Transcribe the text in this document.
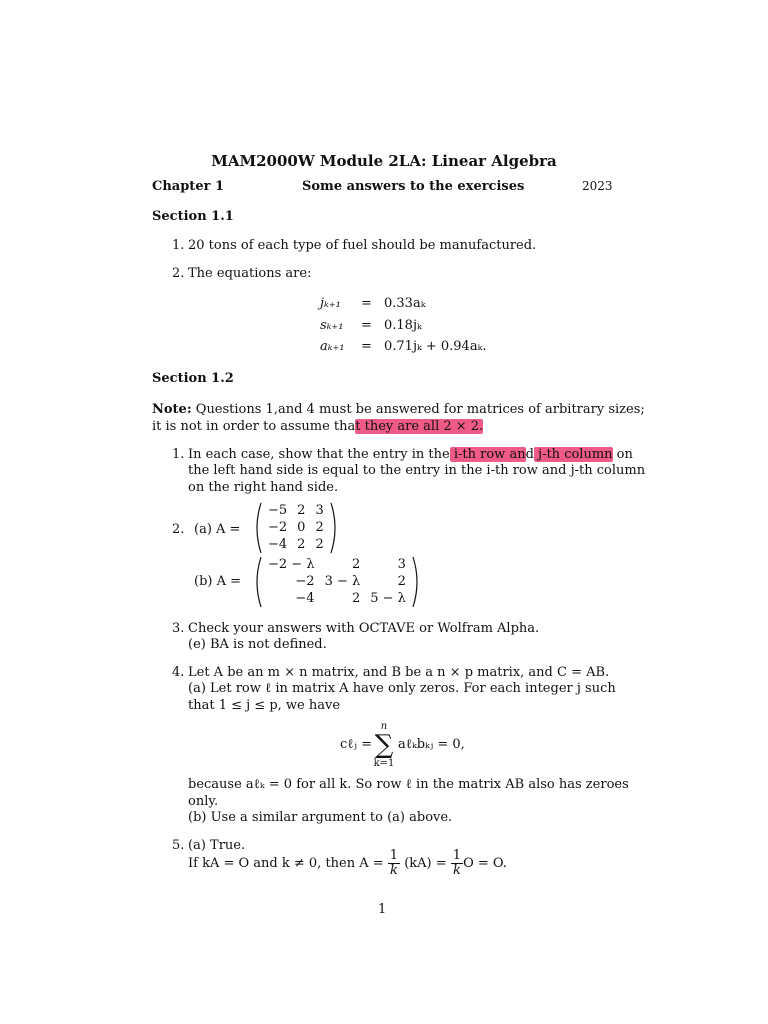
MAM2000W Module 2LA: Linear Algebra
Chapter 1	Some answers to the exercises	2023
Section 1.1
1. 20 tons of each type of fuel should be manufactured.
2. The equations are:
jₖ₊₁ = 0.33aₖ
sₖ₊₁ = 0.18jₖ
aₖ₊₁ = 0.71jₖ + 0.94aₖ.
Section 1.2
Note: Questions 1,and 4 must be answered for matrices of arbitrary sizes;
it is not in order to assume that they are all 2 × 2.
1. In each case, show that the entry in the i-th row and j-th column on
the left hand side is equal to the entry in the i-th row and j-th column
on the right hand side.
2. (a) A =
−5	2	3
−2	0	2
−4	2	2
(b) A =
−2 − λ	2	3
−2	3 − λ	2
−4	2	5 − λ
3. Check your answers with OCTAVE or Wolfram Alpha.
(e) BA is not defined.
4. Let A be an m × n matrix, and B be a n × p matrix, and C = AB.
(a) Let row ℓ in matrix A have only zeros. For each integer j such
that 1 ≤ j ≤ p, we have
cℓⱼ =
n
∑
k=1
aℓₖbₖⱼ = 0,
because aℓₖ = 0 for all k. So row ℓ in the matrix AB also has zeroes
only.
(b) Use a similar argument to (a) above.
5. (a) True.
If kA = O and k ≠ 0, then $A = \frac{1}{k} (kA) = \frac{1}{k}$ O = O.
1
